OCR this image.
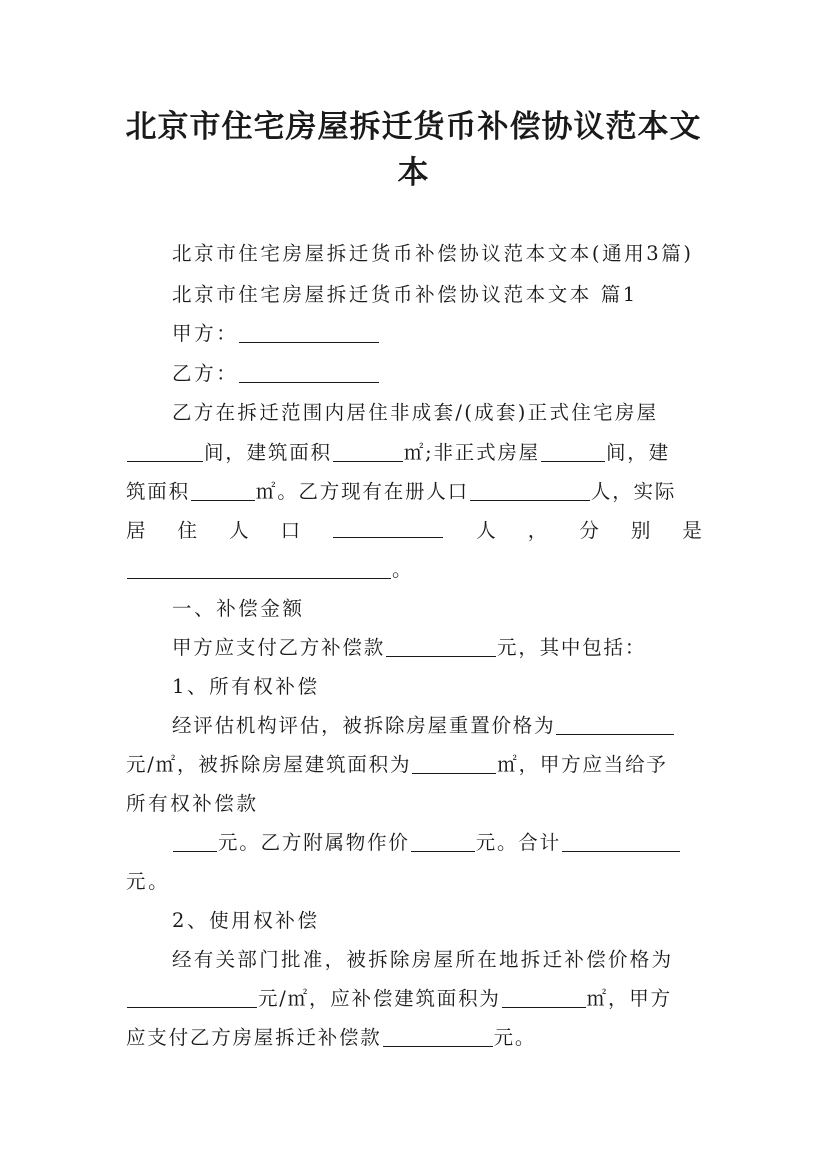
北京市住宅房屋拆迁货币补偿协议范本文
本
北京市住宅房屋拆迁货币补偿协议范本文本(通用3篇)
北京市住宅房屋拆迁货币补偿协议范本文本 篇1
甲方：
乙方：
乙方在拆迁范围内居住非成套/(成套)正式住宅房屋
间，建筑面积	㎡;非正式房屋	间，建
筑面积	㎡。乙方现有在册人口	人，实际
居 住 人 口	人 ， 分 别 是
。
一、补偿金额
甲方应支付乙方补偿款	元，其中包括：
1、所有权补偿
经评估机构评估，被拆除房屋重置价格为
元/㎡，被拆除房屋建筑面积为	㎡，甲方应当给予
所有权补偿款
元。乙方附属物作价	元。合计
元。
2、使用权补偿
经有关部门批准，被拆除房屋所在地拆迁补偿价格为
元/㎡，应补偿建筑面积为	㎡，甲方
应支付乙方房屋拆迁补偿款	元。
